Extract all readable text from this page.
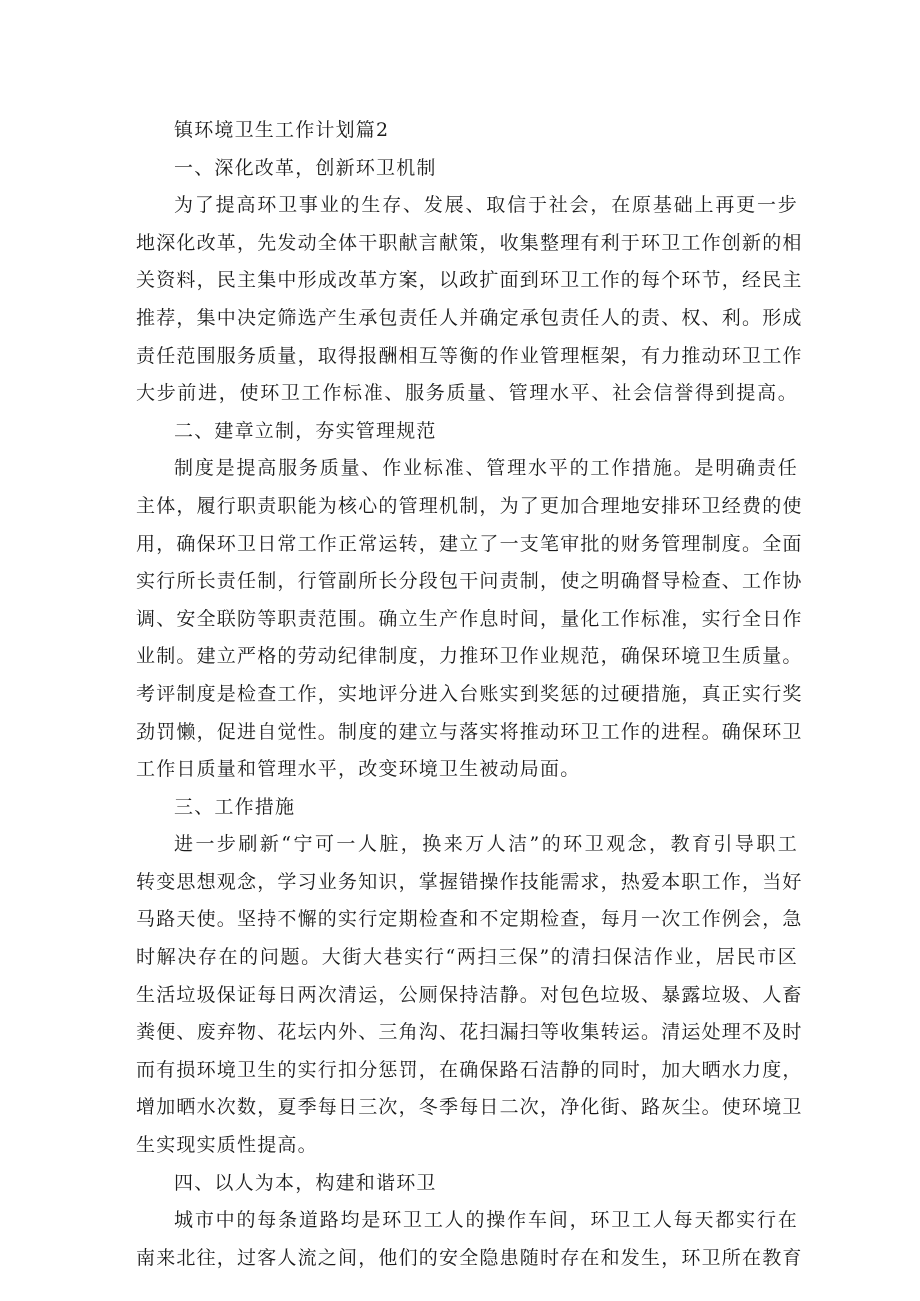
镇环境卫生工作计划篇2
一、深化改革，创新环卫机制
为了提高环卫事业的生存、发展、取信于社会，在原基础上再更一步
地深化改革，先发动全体干职献言献策，收集整理有利于环卫工作创新的相
关资料，民主集中形成改革方案，以政扩面到环卫工作的每个环节，经民主
推荐，集中决定筛选产生承包责任人并确定承包责任人的责、权、利。形成
责任范围服务质量，取得报酬相互等衡的作业管理框架，有力推动环卫工作
大步前进，使环卫工作标准、服务质量、管理水平、社会信誉得到提高。
二、建章立制，夯实管理规范
制度是提高服务质量、作业标准、管理水平的工作措施。是明确责任
主体，履行职责职能为核心的管理机制，为了更加合理地安排环卫经费的使
用，确保环卫日常工作正常运转，建立了一支笔审批的财务管理制度。全面
实行所长责任制，行管副所长分段包干问责制，使之明确督导检查、工作协
调、安全联防等职责范围。确立生产作息时间，量化工作标准，实行全日作
业制。建立严格的劳动纪律制度，力推环卫作业规范，确保环境卫生质量。
考评制度是检查工作，实地评分进入台账实到奖惩的过硬措施，真正实行奖
劲罚懒，促进自觉性。制度的建立与落实将推动环卫工作的进程。确保环卫
工作日质量和管理水平，改变环境卫生被动局面。
三、工作措施
进一步刷新“宁可一人脏，换来万人洁”的环卫观念，教育引导职工
转变思想观念，学习业务知识，掌握错操作技能需求，热爱本职工作，当好
马路天使。坚持不懈的实行定期检查和不定期检查，每月一次工作例会，急
时解决存在的问题。大街大巷实行“两扫三保”的清扫保洁作业，居民市区
生活垃圾保证每日两次清运，公厕保持洁静。对包色垃圾、暴露垃圾、人畜
粪便、废弃物、花坛内外、三角沟、花扫漏扫等收集转运。清运处理不及时
而有损环境卫生的实行扣分惩罚，在确保路石洁静的同时，加大晒水力度，
增加晒水次数，夏季每日三次，冬季每日二次，净化街、路灰尘。使环境卫
生实现实质性提高。
四、以人为本，构建和谐环卫
城市中的每条道路均是环卫工人的操作车间，环卫工人每天都实行在
南来北往，过客人流之间，他们的安全隐患随时存在和发生，环卫所在教育
